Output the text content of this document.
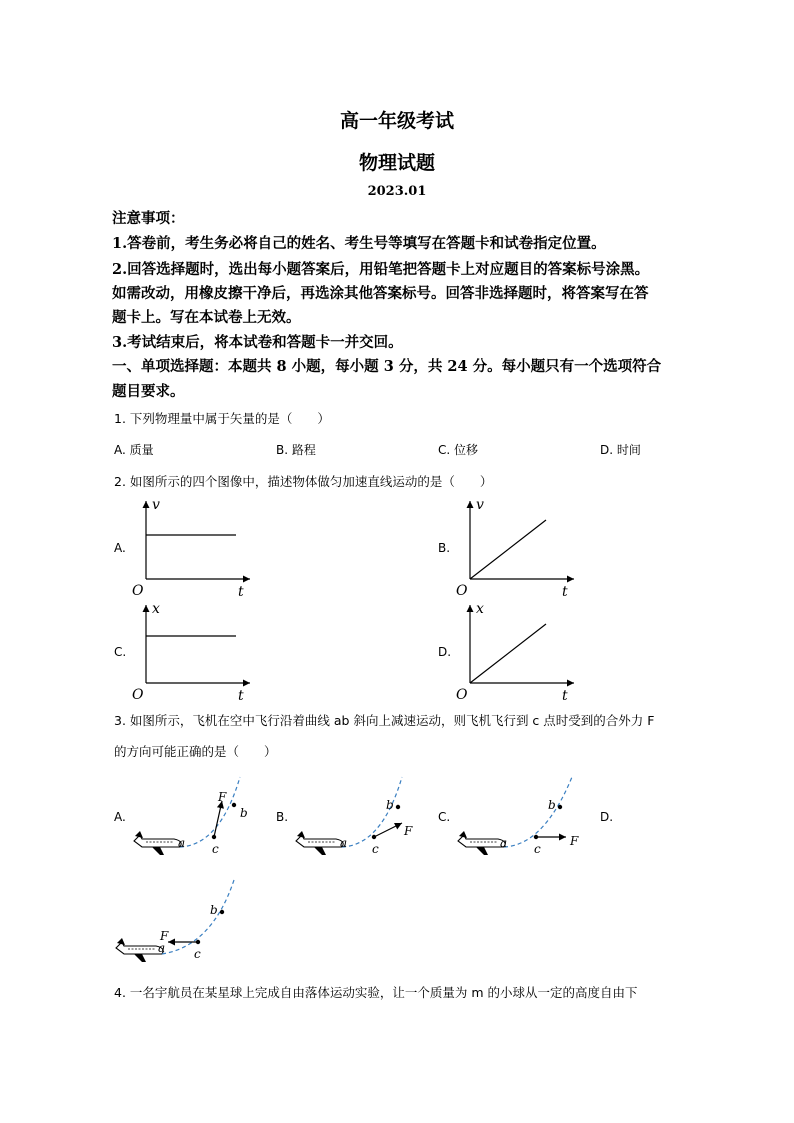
高一年级考试
物理试题
2023.01
注意事项：
1.答卷前，考生务必将自己的姓名、考生号等填写在答题卡和试卷指定位置。
2.回答选择题时，选出每小题答案后，用铅笔把答题卡上对应题目的答案标号涂黑。
如需改动，用橡皮擦干净后，再选涂其他答案标号。回答非选择题时，将答案写在答
题卡上。写在本试卷上无效。
3.考试结束后，将本试卷和答题卡一并交回。
一、单项选择题：本题共 8 小题，每小题 3 分，共 24 分。每小题只有一个选项符合
题目要求。
1. 下列物理量中属于矢量的是（　　）
A. 质量	B. 路程	C. 位移	D. 时间
2. 如图所示的四个图像中，描述物体做匀加速直线运动的是（　　）
A.	B.
C.	D.
v
t
O
v
t
O
x
t
O
x
t
O
3. 如图所示，飞机在空中飞行沿着曲线 ab 斜向上减速运动，则飞机飞行到 c 点时受到的合外力 F
的方向可能正确的是（　　）
A.	B.	C.	D.
F
b
a c
F
b
a c
F
b
a c
F
b
a c
4. 一名宇航员在某星球上完成自由落体运动实验，让一个质量为 m 的小球从一定的高度自由下
